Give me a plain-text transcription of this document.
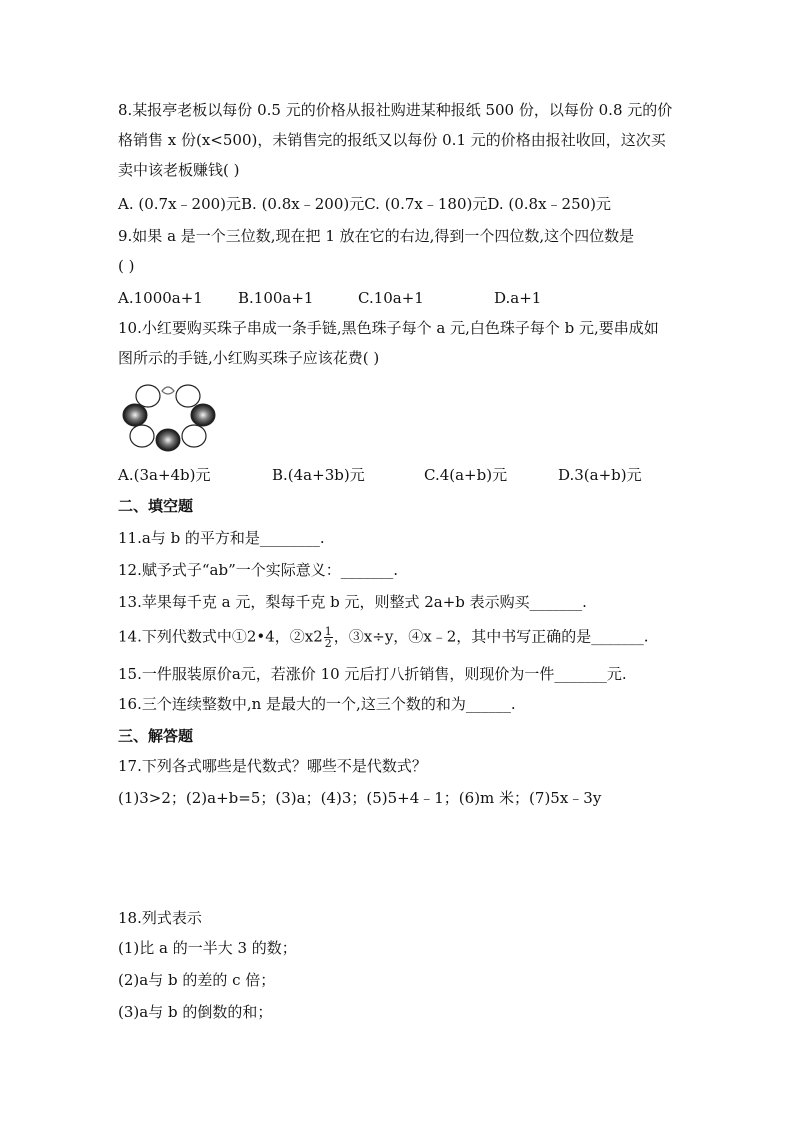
8.某报亭老板以每份 0.5 元的价格从报社购进某种报纸 500 份，以每份 0.8 元的价
格销售 x 份(x<500)，未销售完的报纸又以每份 0.1 元的价格由报社收回，这次买
卖中该老板赚钱( )
A. (0.7x﹣200)元B. (0.8x﹣200)元C. (0.7x﹣180)元D. (0.8x﹣250)元
9.如果 a 是一个三位数,现在把 1 放在它的右边,得到一个四位数,这个四位数是
( )
A.1000a+1 B.100a+1	C.10a+1	D.a+1
10.小红要购买珠子串成一条手链,黑色珠子每个 a 元,白色珠子每个 b 元,要串成如
图所示的手链,小红购买珠子应该花费( )
A.(3a+4b)元	B.(4a+3b)元	C.4(a+b)元	D.3(a+b)元
二、填空题
11.a与 b 的平方和是________.
12.赋予式子“ab”一个实际意义：_______.
13.苹果每千克 a 元，梨每千克 b 元，则整式 2a+b 表示购买_______.
14.下列代数式中①2•4，②x2 $\frac{1}{2}$ ，③x÷y，④x﹣2，其中书写正确的是_______.
15.一件服装原价a元，若涨价 10 元后打八折销售，则现价为一件_______元.
16.三个连续整数中,n 是最大的一个,这三个数的和为______.
三、解答题
17.下列各式哪些是代数式？哪些不是代数式？
(1)3>2；(2)a+b=5；(3)a；(4)3；(5)5+4﹣1；(6)m 米；(7)5x﹣3y
18.列式表示
(1)比 a 的一半大 3 的数；
(2)a与 b 的差的 c 倍；
(3)a与 b 的倒数的和；
